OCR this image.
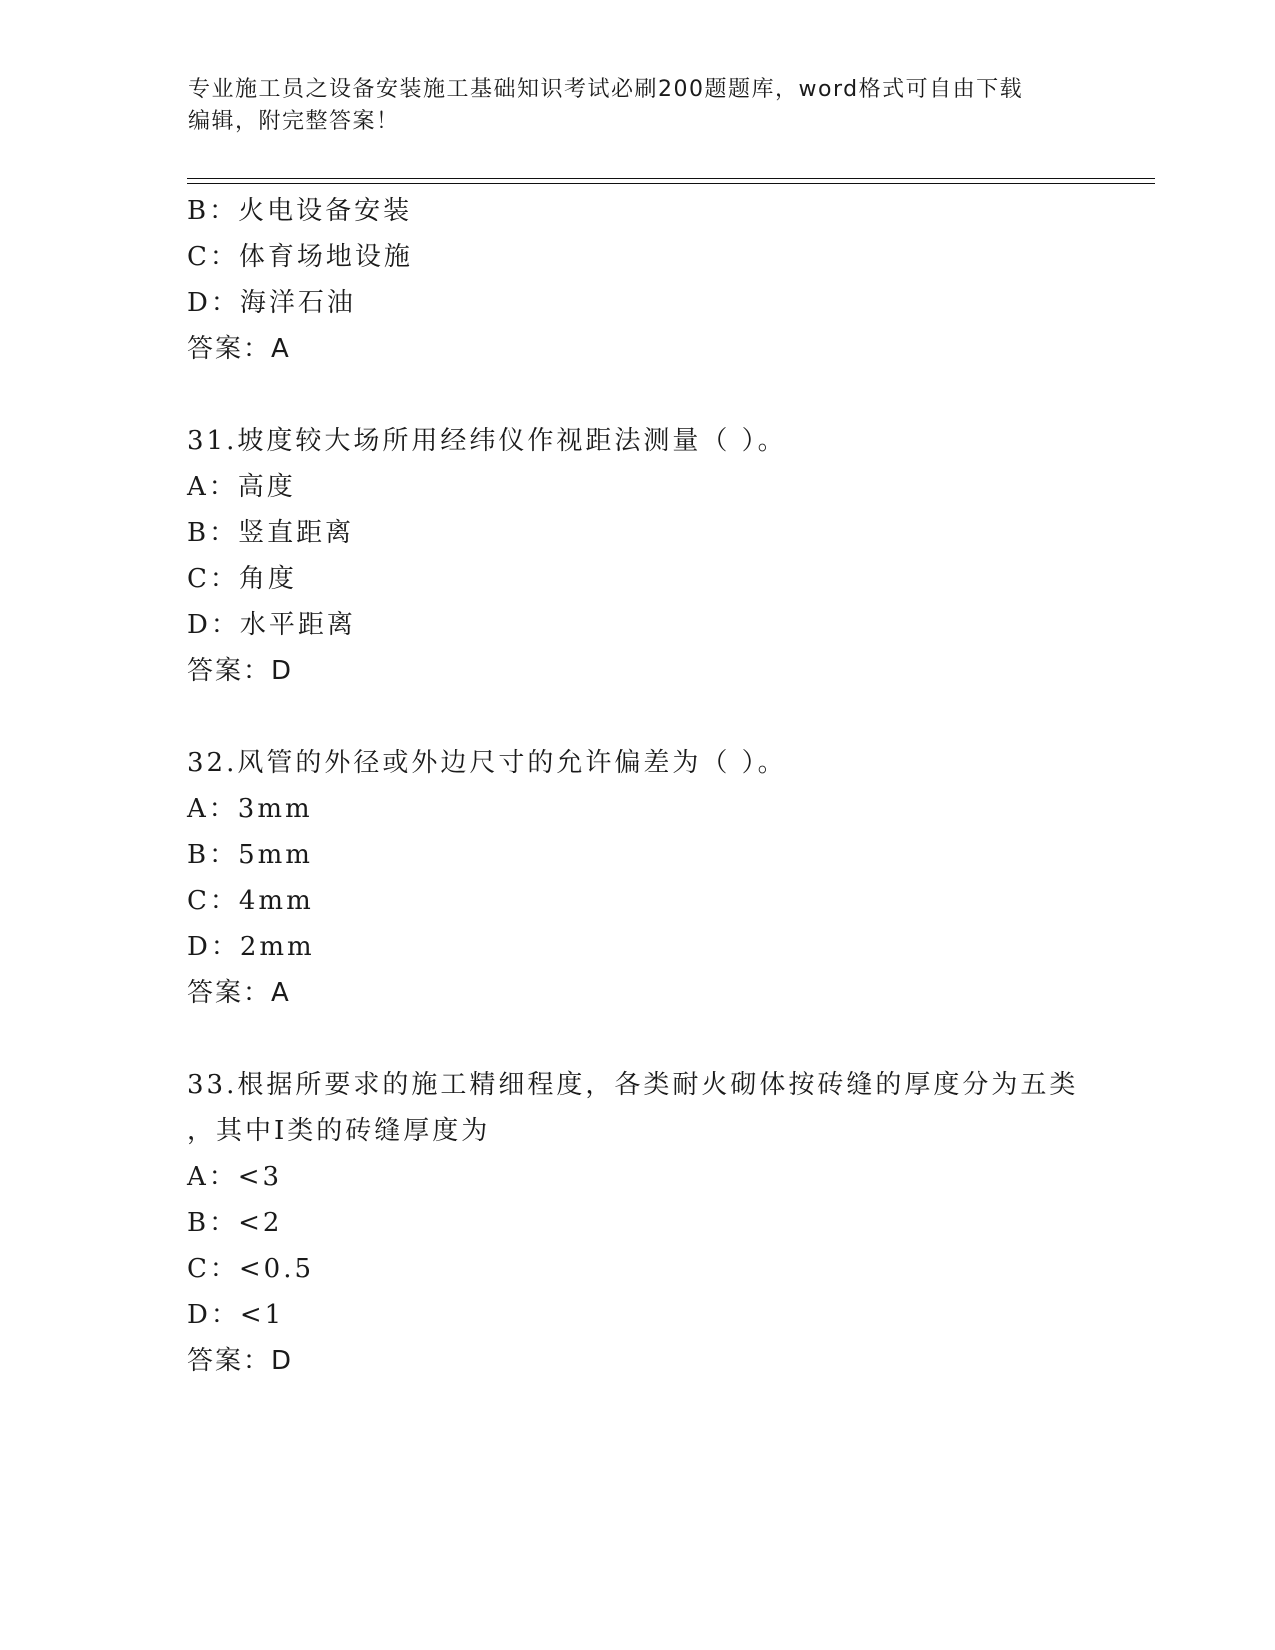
专业施工员之设备安装施工基础知识考试必刷200题题库，word格式可自由下载
编辑，附完整答案！
B：火电设备安装
C：体育场地设施
D：海洋石油
答案：A
31.坡度较大场所用经纬仪作视距法测量（ ）。
A：高度
B：竖直距离
C：角度
D：水平距离
答案：D
32.风管的外径或外边尺寸的允许偏差为（ ）。
A：3mm
B：5mm
C：4mm
D：2mm
答案：A
33.根据所要求的施工精细程度，各类耐火砌体按砖缝的厚度分为五类
，其中Ⅰ类的砖缝厚度为
A：<3
B：<2
C：<0.5
D：<1
答案：D
